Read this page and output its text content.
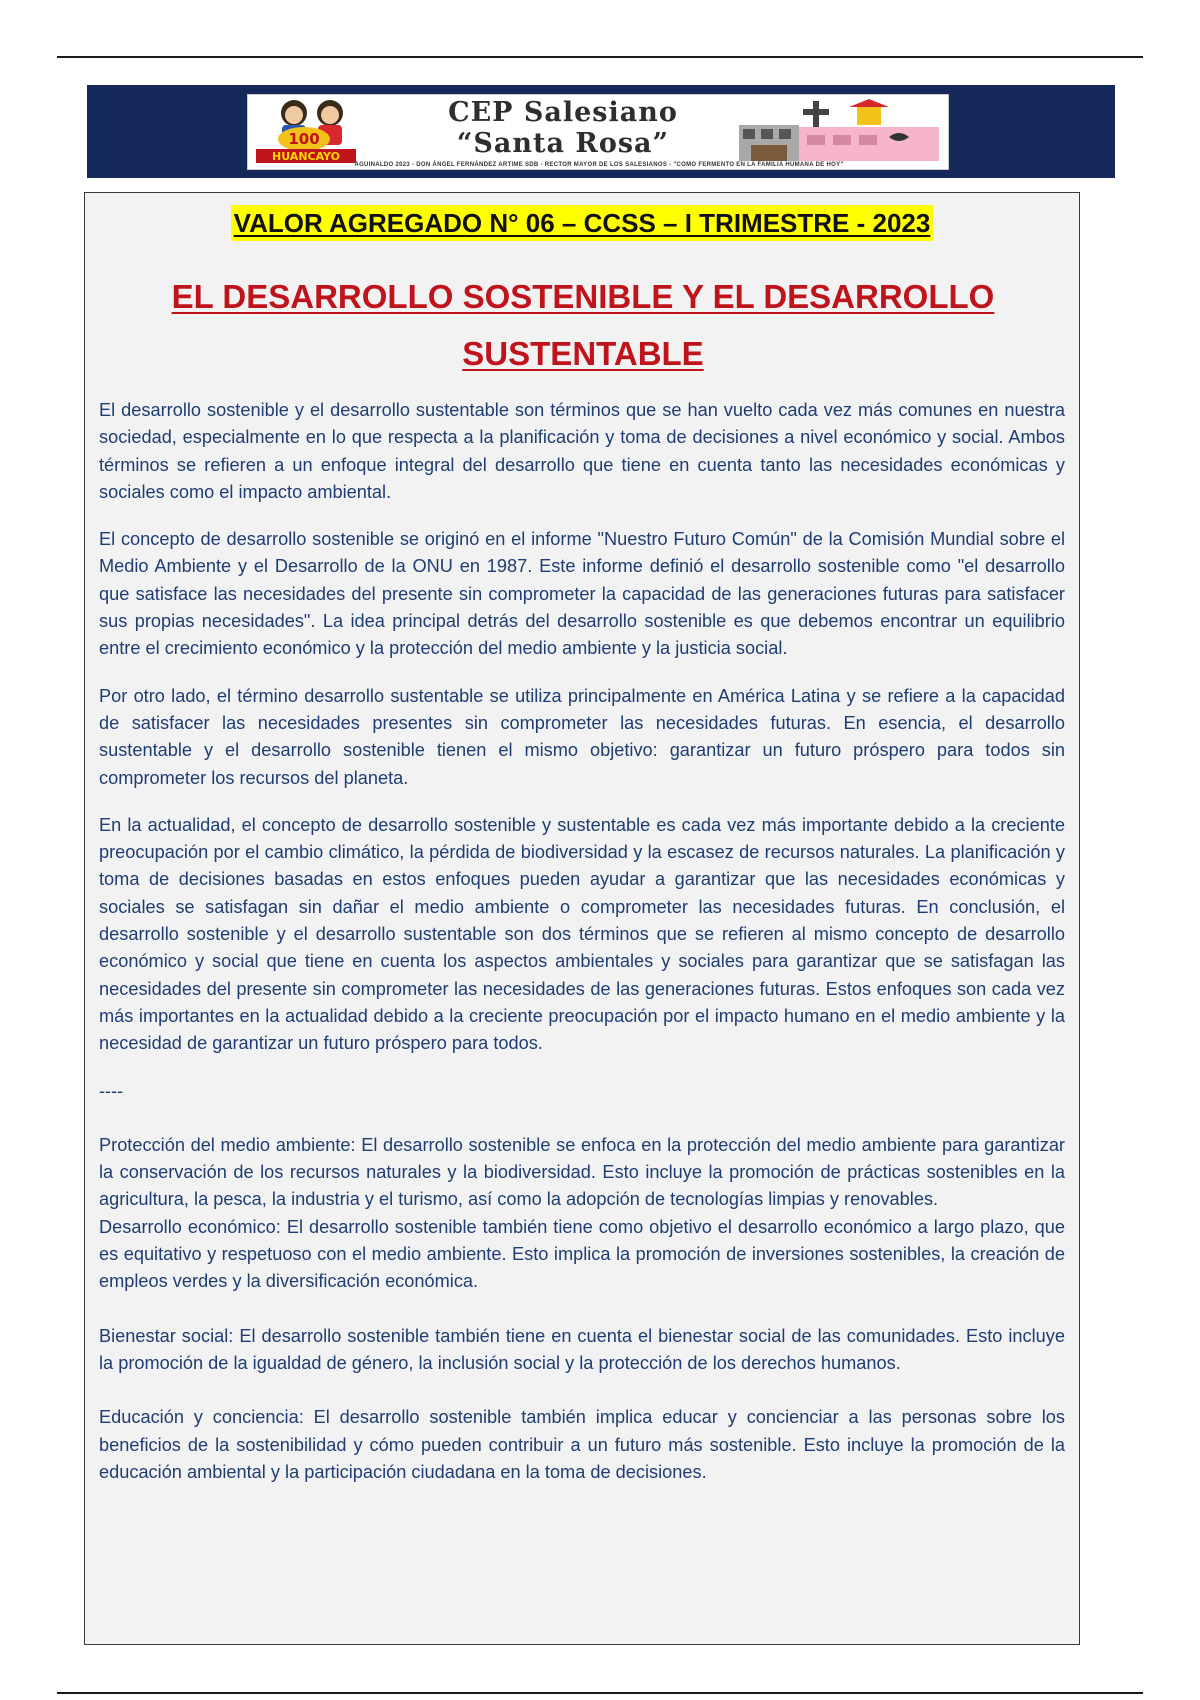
100
HUANCAYO
CEP Salesiano
“Santa Rosa”
AGUINALDO 2023 - DON ÁNGEL FERNÁNDEZ ARTIME SDB - RECTOR MAYOR DE LOS SALESIANOS - "COMO FERMENTO EN LA FAMILIA HUMANA DE HOY"
VALOR AGREGADO N° 06 – CCSS – I TRIMESTRE - 2023
EL DESARROLLO SOSTENIBLE Y EL DESARROLLO SUSTENTABLE

El desarrollo sostenible y el desarrollo sustentable son términos que se han vuelto cada vez más comunes en nuestra sociedad, especialmente en lo que respecta a la planificación y toma de decisiones a nivel económico y social. Ambos términos se refieren a un enfoque integral del desarrollo que tiene en cuenta tanto las necesidades económicas y sociales como el impacto ambiental.

El concepto de desarrollo sostenible se originó en el informe "Nuestro Futuro Común" de la Comisión Mundial sobre el Medio Ambiente y el Desarrollo de la ONU en 1987. Este informe definió el desarrollo sostenible como "el desarrollo que satisface las necesidades del presente sin comprometer la capacidad de las generaciones futuras para satisfacer sus propias necesidades". La idea principal detrás del desarrollo sostenible es que debemos encontrar un equilibrio entre el crecimiento económico y la protección del medio ambiente y la justicia social.

Por otro lado, el término desarrollo sustentable se utiliza principalmente en América Latina y se refiere a la capacidad de satisfacer las necesidades presentes sin comprometer las necesidades futuras. En esencia, el desarrollo sustentable y el desarrollo sostenible tienen el mismo objetivo: garantizar un futuro próspero para todos sin comprometer los recursos del planeta.

En la actualidad, el concepto de desarrollo sostenible y sustentable es cada vez más importante debido a la creciente preocupación por el cambio climático, la pérdida de biodiversidad y la escasez de recursos naturales. La planificación y toma de decisiones basadas en estos enfoques pueden ayudar a garantizar que las necesidades económicas y sociales se satisfagan sin dañar el medio ambiente o comprometer las necesidades futuras. En conclusión, el desarrollo sostenible y el desarrollo sustentable son dos términos que se refieren al mismo concepto de desarrollo económico y social que tiene en cuenta los aspectos ambientales y sociales para garantizar que se satisfagan las necesidades del presente sin comprometer las necesidades de las generaciones futuras. Estos enfoques son cada vez más importantes en la actualidad debido a la creciente preocupación por el impacto humano en el medio ambiente y la necesidad de garantizar un futuro próspero para todos.

----

Protección del medio ambiente: El desarrollo sostenible se enfoca en la protección del medio ambiente para garantizar la conservación de los recursos naturales y la biodiversidad. Esto incluye la promoción de prácticas sostenibles en la agricultura, la pesca, la industria y el turismo, así como la adopción de tecnologías limpias y renovables.

Desarrollo económico: El desarrollo sostenible también tiene como objetivo el desarrollo económico a largo plazo, que es equitativo y respetuoso con el medio ambiente. Esto implica la promoción de inversiones sostenibles, la creación de empleos verdes y la diversificación económica.

Bienestar social: El desarrollo sostenible también tiene en cuenta el bienestar social de las comunidades. Esto incluye la promoción de la igualdad de género, la inclusión social y la protección de los derechos humanos.

Educación y conciencia: El desarrollo sostenible también implica educar y concienciar a las personas sobre los beneficios de la sostenibilidad y cómo pueden contribuir a un futuro más sostenible. Esto incluye la promoción de la educación ambiental y la participación ciudadana en la toma de decisiones.
